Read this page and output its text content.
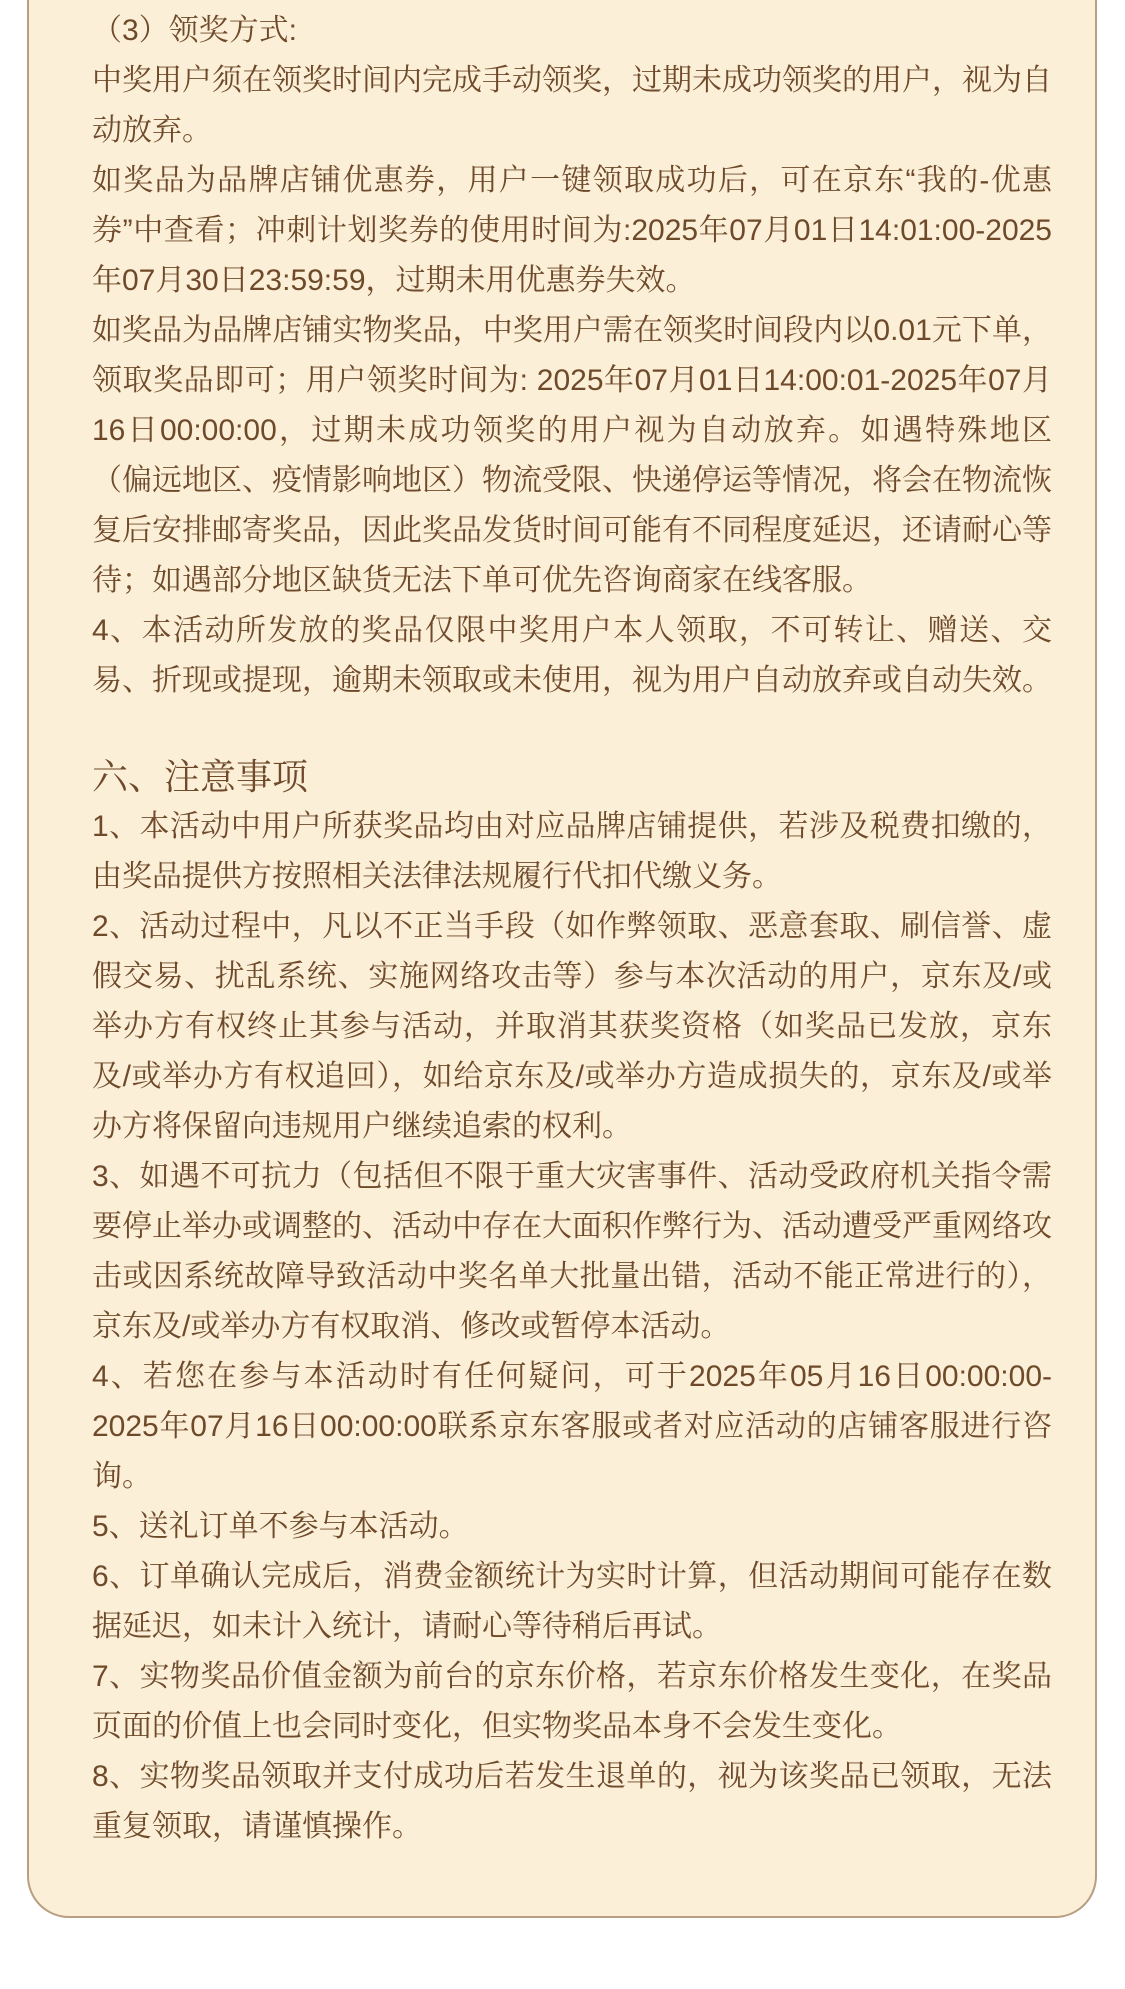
（3）领奖方式:

中奖用户须在领奖时间内完成手动领奖，过期未成功领奖的用户，视为自动放弃。

如奖品为品牌店铺优惠券，用户一键领取成功后，可在京东“我的-优惠券”中查看；冲刺计划奖券的使用时间为:2025年07月01日14:01:00-2025年07月30日23:59:59，过期未用优惠券失效。

如奖品为品牌店铺实物奖品，中奖用户需在领奖时间段内以0.01元下单，领取奖品即可；用户领奖时间为: 2025年07月01日14:00:01-2025年07月16日00:00:00，过期未成功领奖的用户视为自动放弃。如遇特殊地区（偏远地区、疫情影响地区）物流受限、快递停运等情况，将会在物流恢复后安排邮寄奖品，因此奖品发货时间可能有不同程度延迟，还请耐心等待；如遇部分地区缺货无法下单可优先咨询商家在线客服。

4、本活动所发放的奖品仅限中奖用户本人领取，不可转让、赠送、交易、折现或提现，逾期未领取或未使用，视为用户自动放弃或自动失效。

六、注意事项

1、本活动中用户所获奖品均由对应品牌店铺提供，若涉及税费扣缴的，由奖品提供方按照相关法律法规履行代扣代缴义务。

2、活动过程中，凡以不正当手段（如作弊领取、恶意套取、刷信誉、虚假交易、扰乱系统、实施网络攻击等）参与本次活动的用户，京东及/或举办方有权终止其参与活动，并取消其获奖资格（如奖品已发放，京东及/或举办方有权追回），如给京东及/或举办方造成损失的，京东及/或举办方将保留向违规用户继续追索的权利。

3、如遇不可抗力（包括但不限于重大灾害事件、活动受政府机关指令需要停止举办或调整的、活动中存在大面积作弊行为、活动遭受严重网络攻击或因系统故障导致活动中奖名单大批量出错，活动不能正常进行的），京东及/或举办方有权取消、修改或暂停本活动。

4、若您在参与本活动时有任何疑问，可于2025年05月16日00:00:00-2025年07月16日00:00:00联系京东客服或者对应活动的店铺客服进行咨询。

5、送礼订单不参与本活动。

6、订单确认完成后，消费金额统计为实时计算，但活动期间可能存在数据延迟，如未计入统计，请耐心等待稍后再试。

7、实物奖品价值金额为前台的京东价格，若京东价格发生变化，在奖品页面的价值上也会同时变化，但实物奖品本身不会发生变化。

8、实物奖品领取并支付成功后若发生退单的，视为该奖品已领取，无法重复领取，请谨慎操作。
